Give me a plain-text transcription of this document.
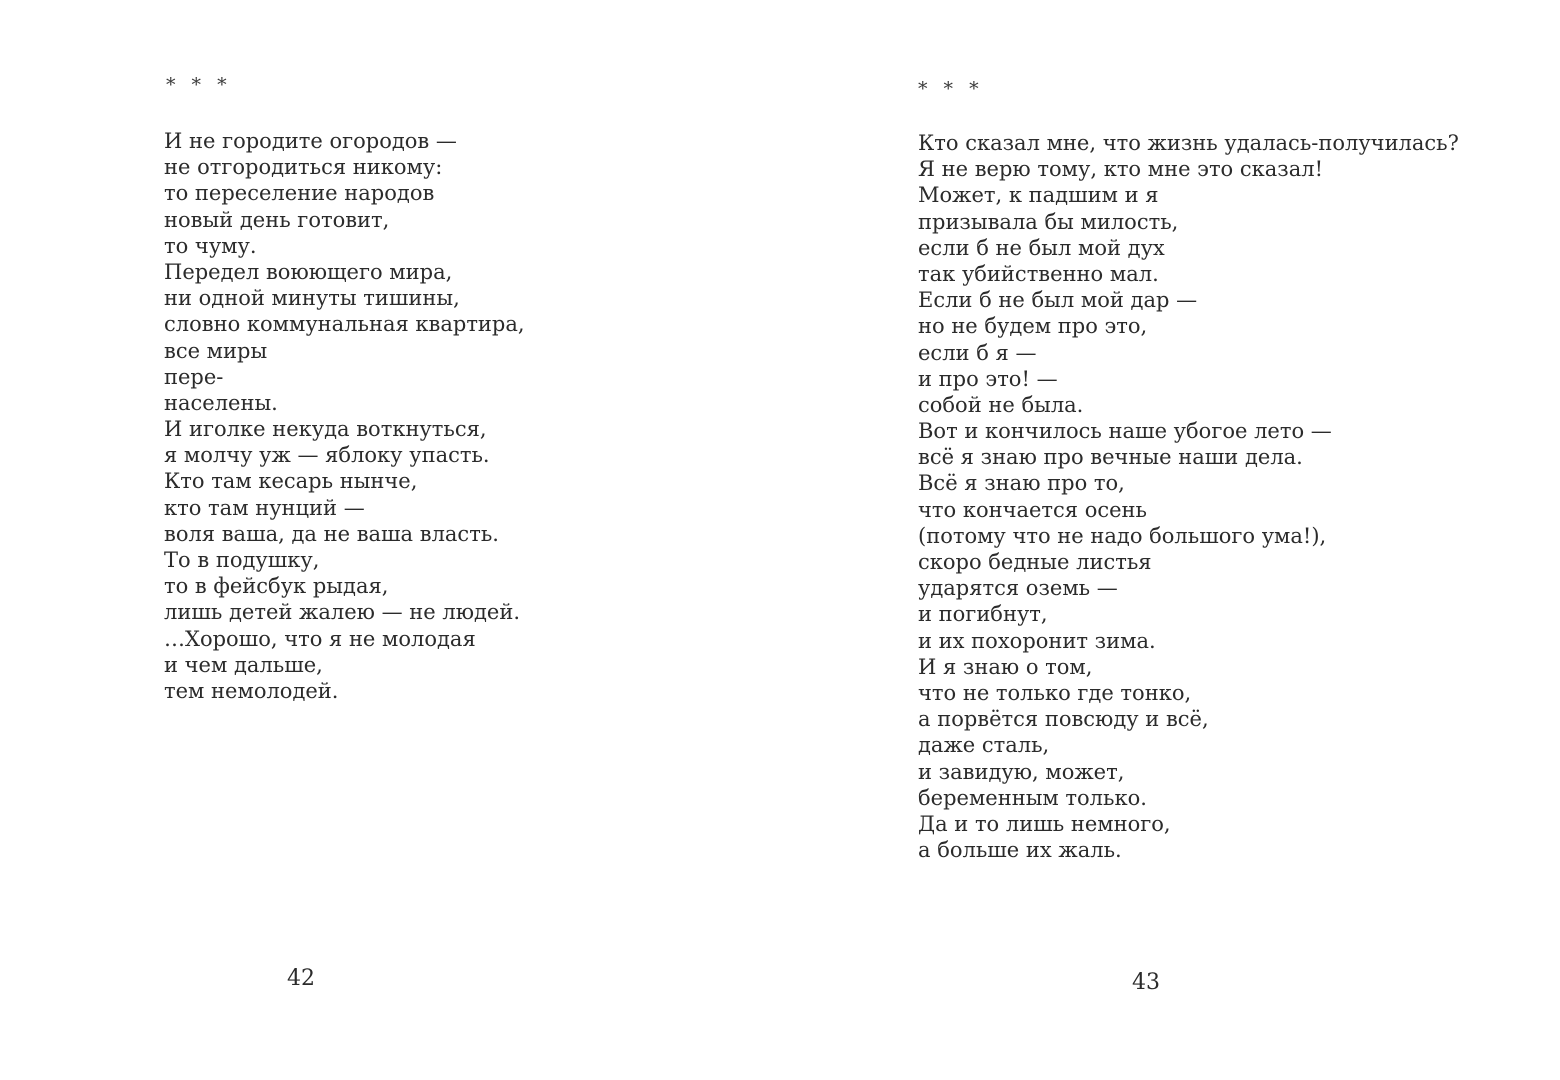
* * *
И не городите огородов —
не отгородиться никому:
то переселение народов
новый день готовит,
то чуму.
Передел воюющего мира,
ни одной минуты тишины,
словно коммунальная квартира,
все миры
пере-
населены.
И иголке некуда воткнуться,
я молчу уж — яблоку упасть.
Кто там кесарь нынче,
кто там нунций —
воля ваша, да не ваша власть.
То в подушку,
то в фейсбук рыдая,
лишь детей жалею — не людей.
…Хорошо, что я не молодая
и чем дальше,
тем немолодей.
42
* * *
Кто сказал мне, что жизнь удалась-получилась?
Я не верю тому, кто мне это сказал!
Может, к падшим и я
призывала бы милость,
если б не был мой дух
так убийственно мал.
Если б не был мой дар —
но не будем про это,
если б я —
и про это! —
собой не была.
Вот и кончилось наше убогое лето —
всё я знаю про вечные наши дела.
Всё я знаю про то,
что кончается осень
(потому что не надо большого ума!),
скоро бедные листья
ударятся оземь —
и погибнут,
и их похоронит зима.
И я знаю о том,
что не только где тонко,
а порвётся повсюду и всё,
даже сталь,
и завидую, может,
беременным только.
Да и то лишь немного,
а больше их жаль.
43
